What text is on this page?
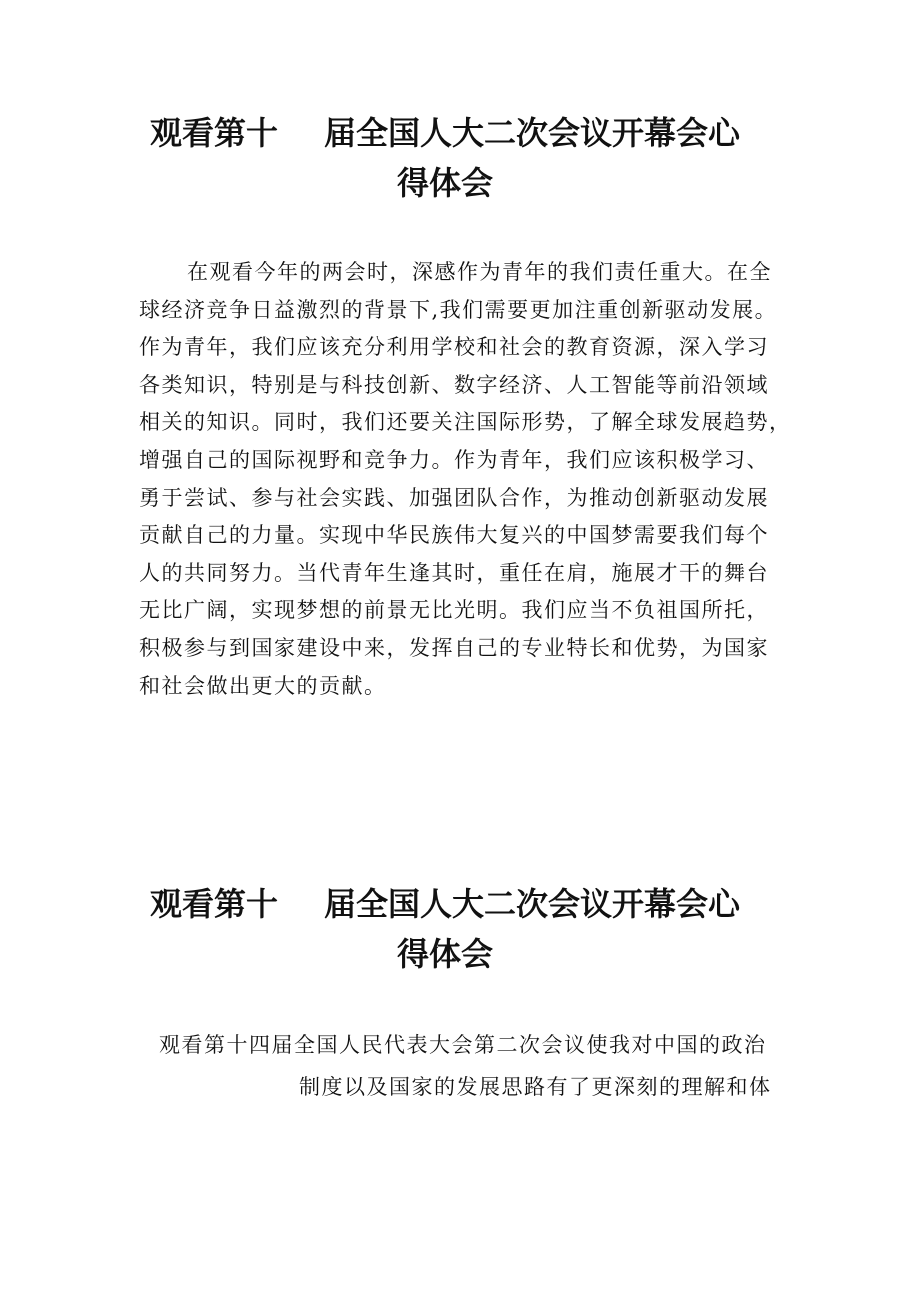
观看第十 届全国人大二次会议开幕会心
得体会
在观看今年的两会时，深感作为青年的我们责任重大。在全
球经济竞争日益激烈的背景下,我们需要更加注重创新驱动发展。
作为青年，我们应该充分利用学校和社会的教育资源，深入学习
各类知识，特别是与科技创新、数字经济、人工智能等前沿领域
相关的知识。同时，我们还要关注国际形势，了解全球发展趋势，
增强自己的国际视野和竞争力。作为青年，我们应该积极学习、
勇于尝试、参与社会实践、加强团队合作，为推动创新驱动发展
贡献自己的力量。实现中华民族伟大复兴的中国梦需要我们每个
人的共同努力。当代青年生逢其时，重任在肩，施展才干的舞台
无比广阔，实现梦想的前景无比光明。我们应当不负祖国所托，
积极参与到国家建设中来，发挥自己的专业特长和优势，为国家
和社会做出更大的贡献。
观看第十 届全国人大二次会议开幕会心
得体会
观看第十四届全国人民代表大会第二次会议使我对中国的政治
制度以及国家的发展思路有了更深刻的理解和体
